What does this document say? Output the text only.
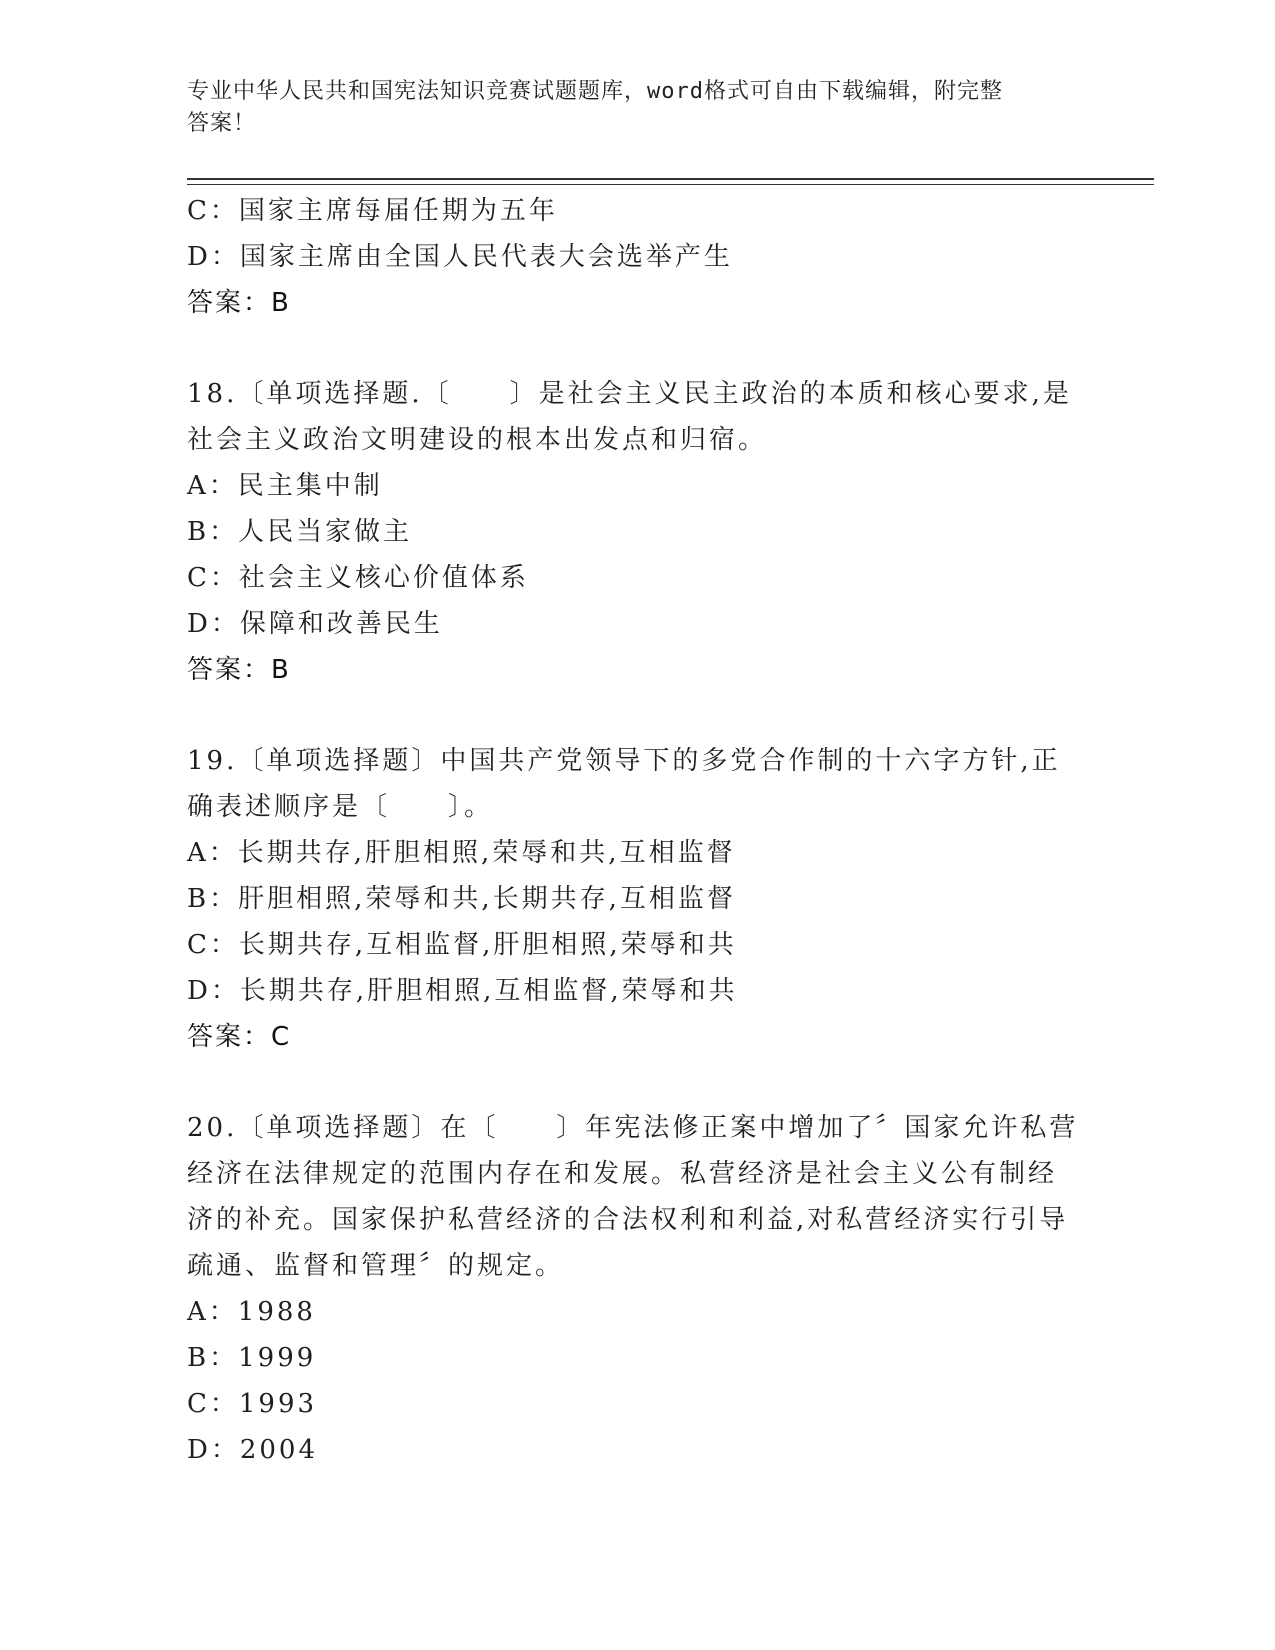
专业中华人民共和国宪法知识竞赛试题题库，word格式可自由下载编辑，附完整
答案！
C：国家主席每届任期为五年
D：国家主席由全国人民代表大会选举产生
答案：B
18.〔单项选择题.〔　　〕是社会主义民主政治的本质和核心要求,是
社会主义政治文明建设的根本出发点和归宿。
A：民主集中制
B：人民当家做主
C：社会主义核心价值体系
D：保障和改善民生
答案：B
19.〔单项选择题〕中国共产党领导下的多党合作制的十六字方针,正
确表述顺序是〔　　〕。
A：长期共存,肝胆相照,荣辱和共,互相监督
B：肝胆相照,荣辱和共,长期共存,互相监督
C：长期共存,互相监督,肝胆相照,荣辱和共
D：长期共存,肝胆相照,互相监督,荣辱和共
答案：C
20.〔单项选择题〕在〔　　〕年宪法修正案中增加了〞国家允许私营
经济在法律规定的范围内存在和发展。私营经济是社会主义公有制经
济的补充。国家保护私营经济的合法权利和利益,对私营经济实行引导
疏通、监督和管理〞的规定。
A：1988
B：1999
C：1993
D：2004
